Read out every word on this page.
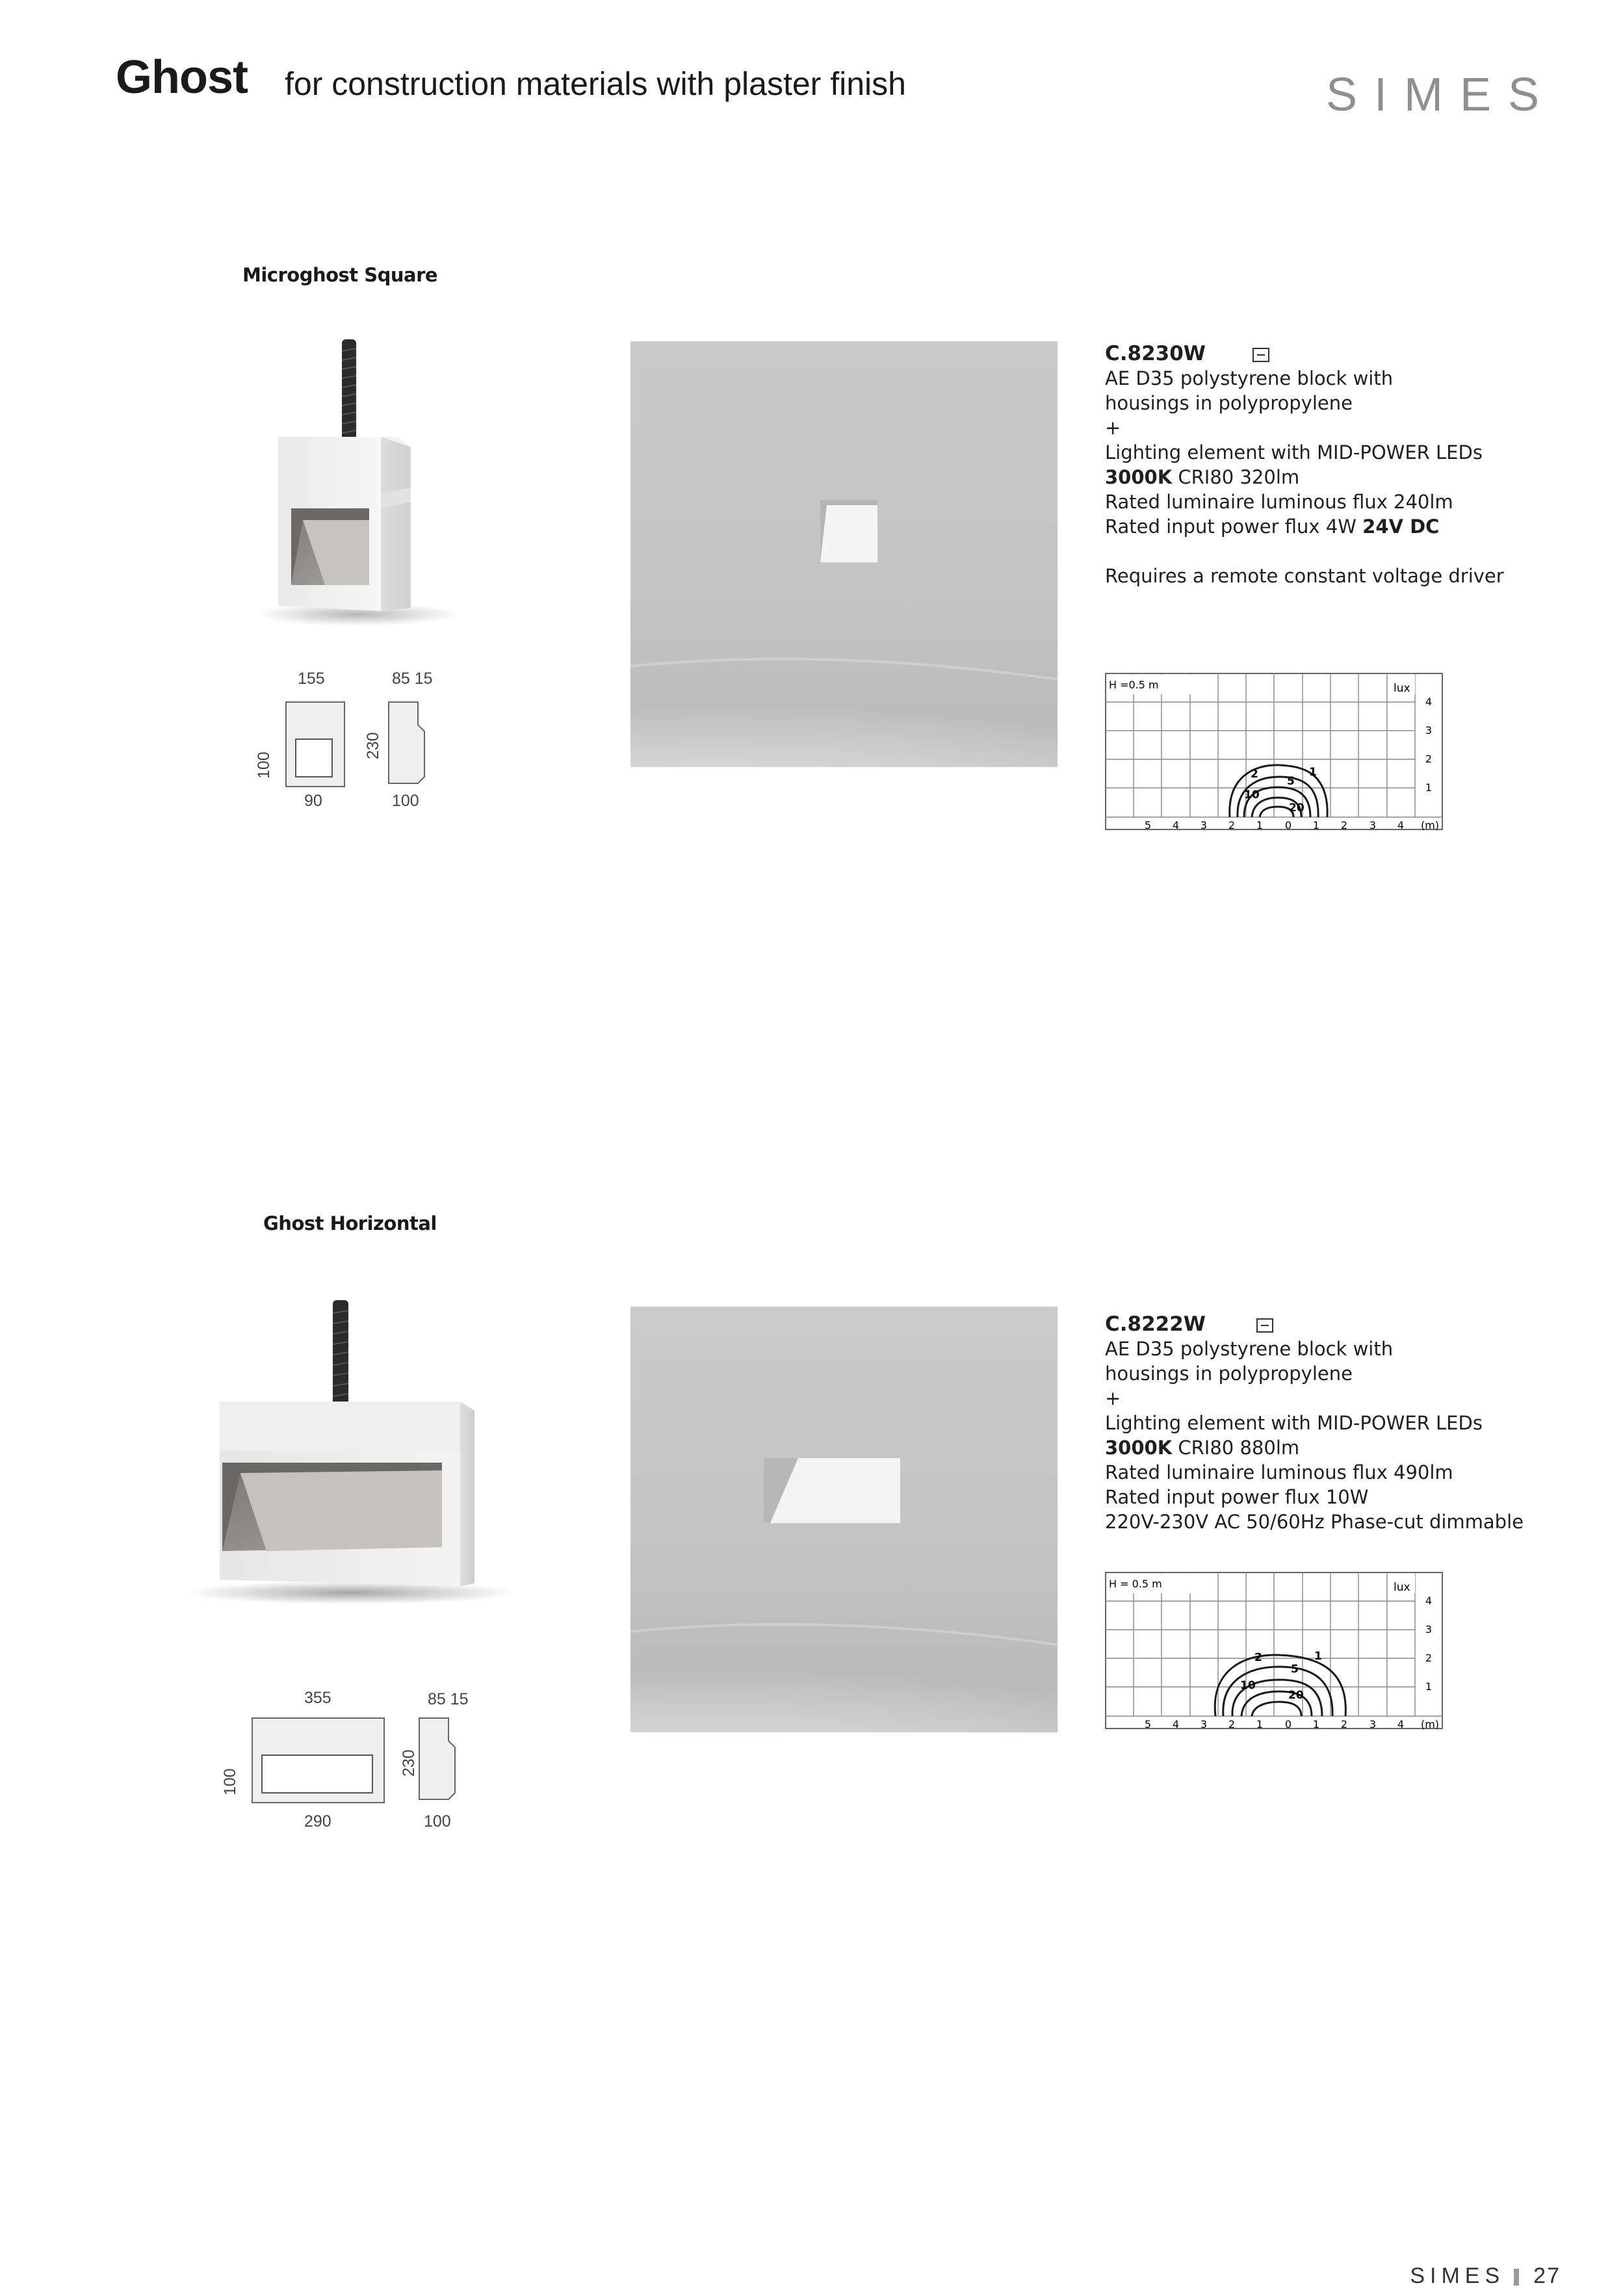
Ghost for construction materials with plaster finish	SIMES
Microghost Square
C.8230W
AE D35 polystyrene block with
housings in polypropylene
+
Lighting element with MID-POWER LEDs
3000K CRI80 320lm
Rated luminaire luminous flux 240lm
Rated input power flux 4W 24V DC
Requires a remote constant voltage driver
155	85 15
100
230
90	100
H =0.5 m	lux
2	1
5
10
20
5 4 3 2 1 0 1 2 3 4 (m)
4
3
2
1
Ghost Horizontal
C.8222W
AE D35 polystyrene block with
housings in polypropylene
+
Lighting element with MID-POWER LEDs
3000K CRI80 880lm
Rated luminaire luminous flux 490lm
Rated input power flux 10W
220V-230V AC 50/60Hz Phase-cut dimmable
355	85 15
100
230
290	100
H = 0.5 m	lux
2	1
5
10
20
5 4 3 2 1 0 1 2 3 4 (m)
4
3
2
1
SIMES 27
